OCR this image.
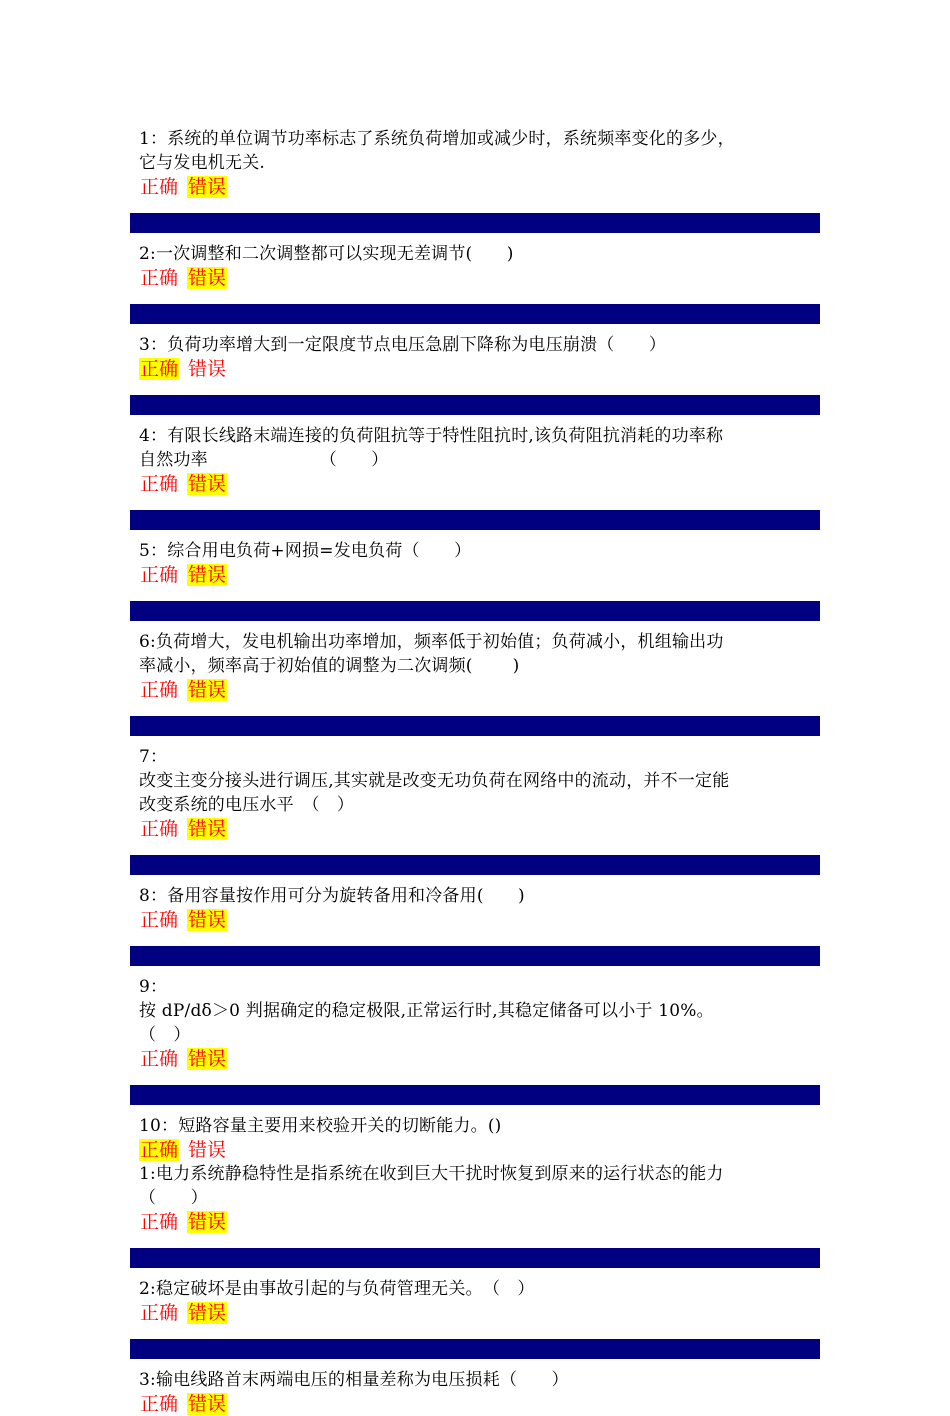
1：系统的单位调节功率标志了系统负荷增加或减少时，系统频率变化的多少，
它与发电机无关.
正确 错误
2:一次调整和二次调整都可以实现无差调节(　　)
正确 错误
3：负荷功率增大到一定限度节点电压急剧下降称为电压崩溃（　　）
正确 错误
4：有限长线路末端连接的负荷阻抗等于特性阻抗时,该负荷阻抗消耗的功率称
自然功率　　　　　　　（　　）
正确 错误
5：综合用电负荷+网损=发电负荷（　　）
正确 错误
6:负荷增大，发电机输出功率增加，频率低于初始值；负荷减小，机组输出功
率减小，频率高于初始值的调整为二次调频(　　 )
正确 错误
7：
改变主变分接头进行调压,其实就是改变无功负荷在网络中的流动，并不一定能
改变系统的电压水平　（　）
正确 错误
8：备用容量按作用可分为旋转备用和冷备用(　　)
正确 错误
9：
按 dP/dδ＞0 判据确定的稳定极限,正常运行时,其稳定储备可以小于 10%。
（　）
正确 错误
10：短路容量主要用来校验开关的切断能力。()
正确 错误
1:电力系统静稳特性是指系统在收到巨大干扰时恢复到原来的运行状态的能力
（　　）
正确 错误
2:稳定破坏是由事故引起的与负荷管理无关。　（　）
正确 错误
3:输电线路首末两端电压的相量差称为电压损耗（　　）
正确 错误
